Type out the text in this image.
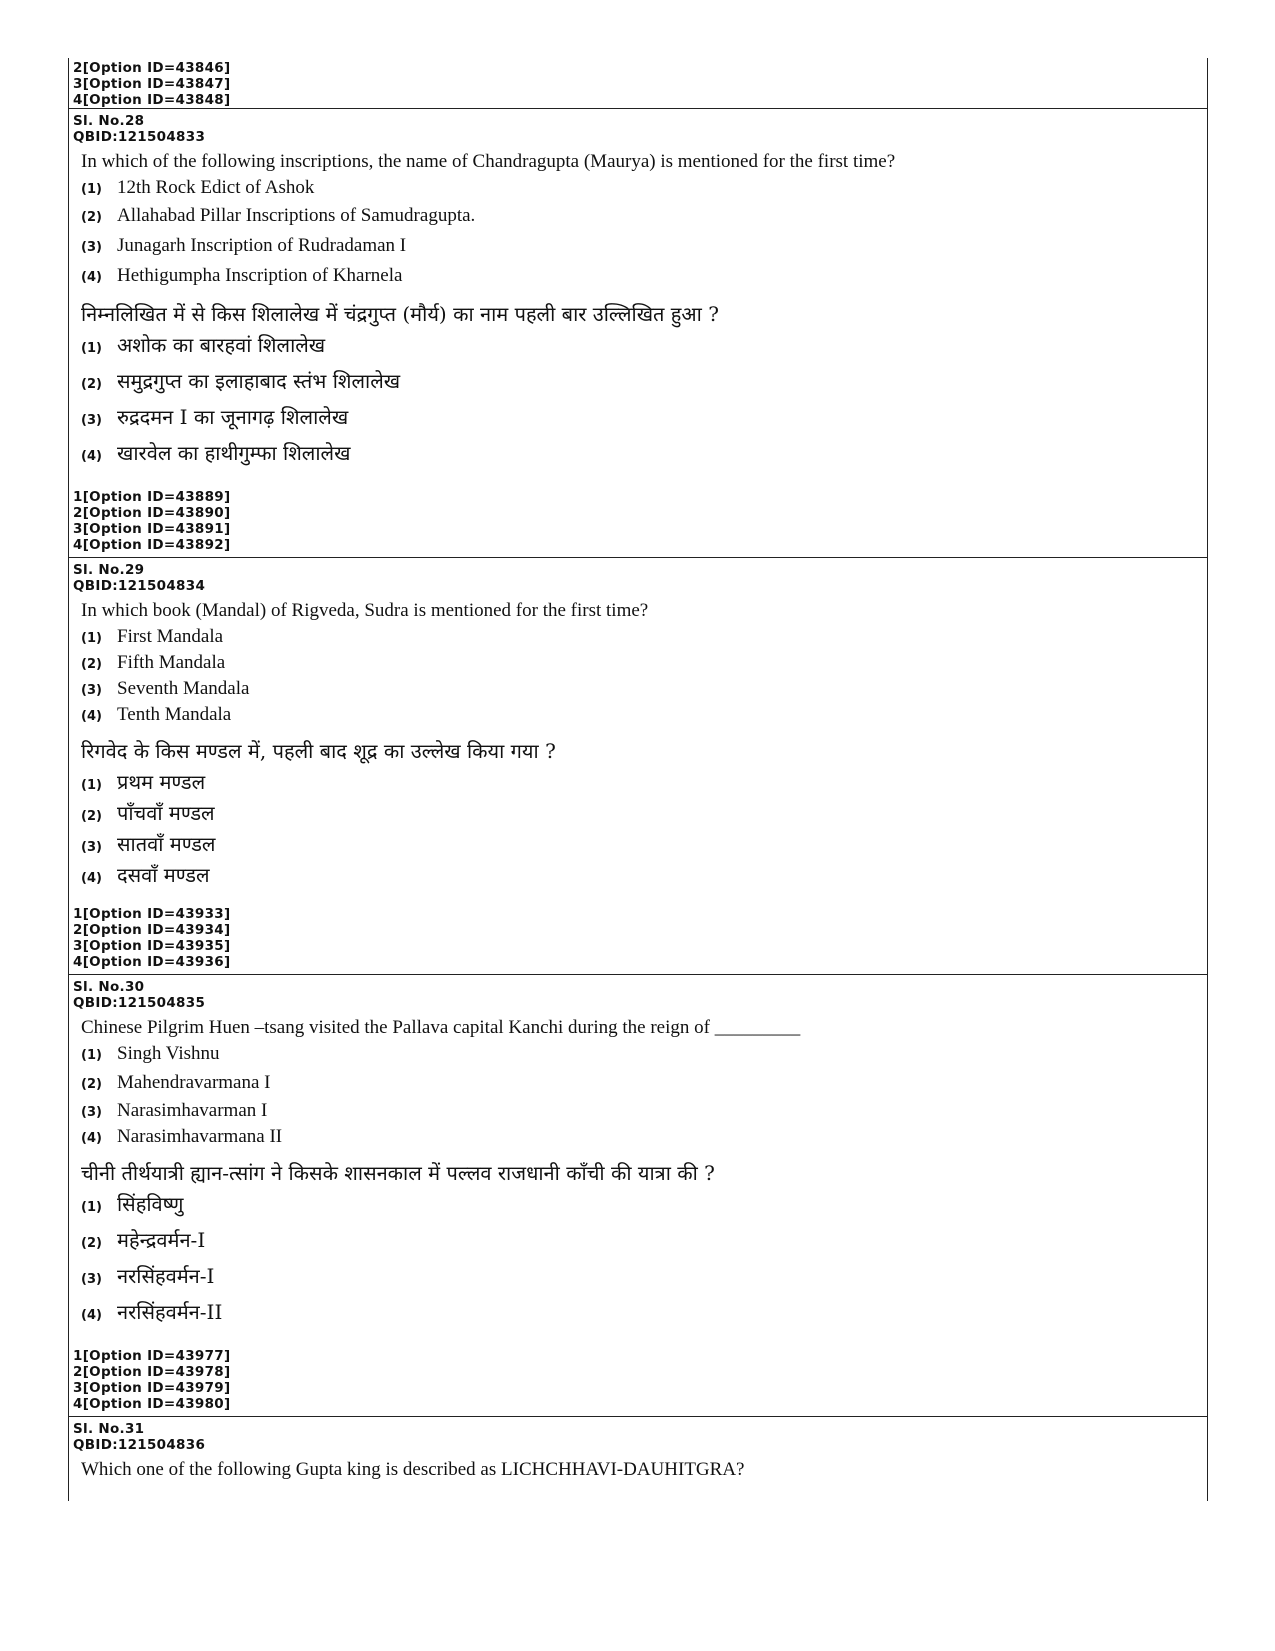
2[Option ID=43846]
3[Option ID=43847]
4[Option ID=43848]
Sl. No.28
QBID:121504833
In which of the following inscriptions, the name of Chandragupta (Maurya) is mentioned for the first time?
(1) 12th Rock Edict of Ashok
(2) Allahabad Pillar Inscriptions of Samudragupta.
(3) Junagarh Inscription of Rudradaman I
(4) Hethigumpha Inscription of Kharnela
निम्नलिखित में से किस शिलालेख में चंद्रगुप्त (मौर्य) का नाम पहली बार उल्लिखित हुआ ?
(1) अशोक का बारहवां शिलालेख
(2) समुद्रगुप्त का इलाहाबाद स्तंभ शिलालेख
(3) रुद्रदमन I का जूनागढ़ शिलालेख
(4) खारवेल का हाथीगुम्फा शिलालेख
1[Option ID=43889]
2[Option ID=43890]
3[Option ID=43891]
4[Option ID=43892]
Sl. No.29
QBID:121504834
In which book (Mandal) of Rigveda, Sudra is mentioned for the first time?
(1) First Mandala
(2) Fifth Mandala
(3) Seventh Mandala
(4) Tenth Mandala
रिगवेद के किस मण्डल में, पहली बाद शूद्र का उल्लेख किया गया ?
(1) प्रथम मण्डल
(2) पाँचवाँ मण्डल
(3) सातवाँ मण्डल
(4) दसवाँ मण्डल
1[Option ID=43933]
2[Option ID=43934]
3[Option ID=43935]
4[Option ID=43936]
Sl. No.30
QBID:121504835
Chinese Pilgrim Huen –tsang visited the Pallava capital Kanchi during the reign of _________
(1) Singh Vishnu
(2) Mahendravarmana I
(3) Narasimhavarman I
(4) Narasimhavarmana II
चीनी तीर्थयात्री ह्यान-त्सांग ने किसके शासनकाल में पल्लव राजधानी काँची की यात्रा की ?
(1) सिंहविष्णु
(2) महेन्द्रवर्मन-I
(3) नरसिंहवर्मन-I
(4) नरसिंहवर्मन-II
1[Option ID=43977]
2[Option ID=43978]
3[Option ID=43979]
4[Option ID=43980]
Sl. No.31
QBID:121504836
Which one of the following Gupta king is described as LICHCHHAVI-DAUHITGRA?
